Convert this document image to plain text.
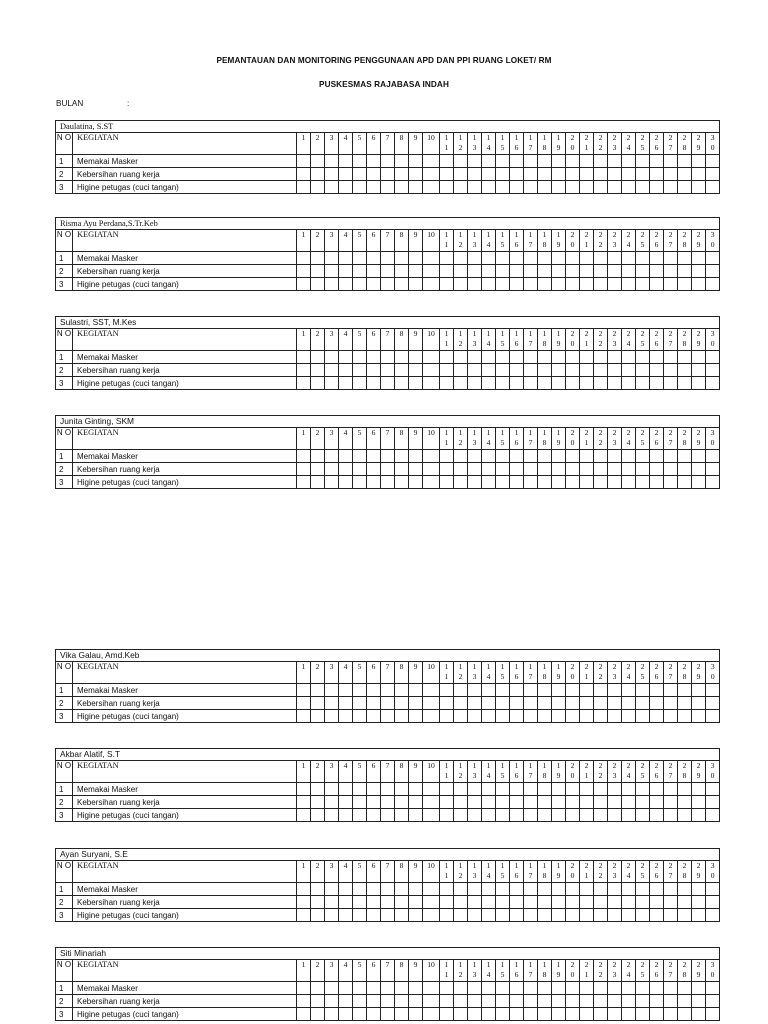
PEMANTAUAN DAN MONITORING PENGGUNAAN APD DAN PPI RUANG LOKET/ RM
PUSKESMAS RAJABASA INDAH
BULAN	:
Daulatina, S.ST																															
N O	KEGIATAN	1	2	3	4	5	6	7	8	9	10	11	12	13	14	15	16	17	18	19	20	21	22	23	24	25	26	27	28	29	30
1	Memakai Masker																														
2	Kebersihan ruang kerja																														
3	Higine petugas (cuci tangan)																														
Risma Ayu Perdana,S.Tr.Keb																															
N O	KEGIATAN	1	2	3	4	5	6	7	8	9	10	11	12	13	14	15	16	17	18	19	20	21	22	23	24	25	26	27	28	29	30
1	Memakai Masker																														
2	Kebersihan ruang kerja																														
3	Higine petugas (cuci tangan)																														
Sulastri, SST, M.Kes																															
N O	KEGIATAN	1	2	3	4	5	6	7	8	9	10	11	12	13	14	15	16	17	18	19	20	21	22	23	24	25	26	27	28	29	30
1	Memakai Masker																														
2	Kebersihan ruang kerja																														
3	Higine petugas (cuci tangan)																														
Junita Ginting, SKM																															
N O	KEGIATAN	1	2	3	4	5	6	7	8	9	10	11	12	13	14	15	16	17	18	19	20	21	22	23	24	25	26	27	28	29	30
1	Memakai Masker																														
2	Kebersihan ruang kerja																														
3	Higine petugas (cuci tangan)																														
Vika Galau, Amd.Keb																															
N O	KEGIATAN	1	2	3	4	5	6	7	8	9	10	11	12	13	14	15	16	17	18	19	20	21	22	23	24	25	26	27	28	29	30
1	Memakai Masker																														
2	Kebersihan ruang kerja																														
3	Higine petugas (cuci tangan)																														
Akbar Alatif, S.T																															
N O	KEGIATAN	1	2	3	4	5	6	7	8	9	10	11	12	13	14	15	16	17	18	19	20	21	22	23	24	25	26	27	28	29	30
1	Memakai Masker																														
2	Kebersihan ruang kerja																														
3	Higine petugas (cuci tangan)																														
Ayan Suryani, S.E																															
N O	KEGIATAN	1	2	3	4	5	6	7	8	9	10	11	12	13	14	15	16	17	18	19	20	21	22	23	24	25	26	27	28	29	30
1	Memakai Masker																														
2	Kebersihan ruang kerja																														
3	Higine petugas (cuci tangan)																														
Siti Minariah																															
N O	KEGIATAN	1	2	3	4	5	6	7	8	9	10	11	12	13	14	15	16	17	18	19	20	21	22	23	24	25	26	27	28	29	30
1	Memakai Masker																														
2	Kebersihan ruang kerja																														
3	Higine petugas (cuci tangan)																														
